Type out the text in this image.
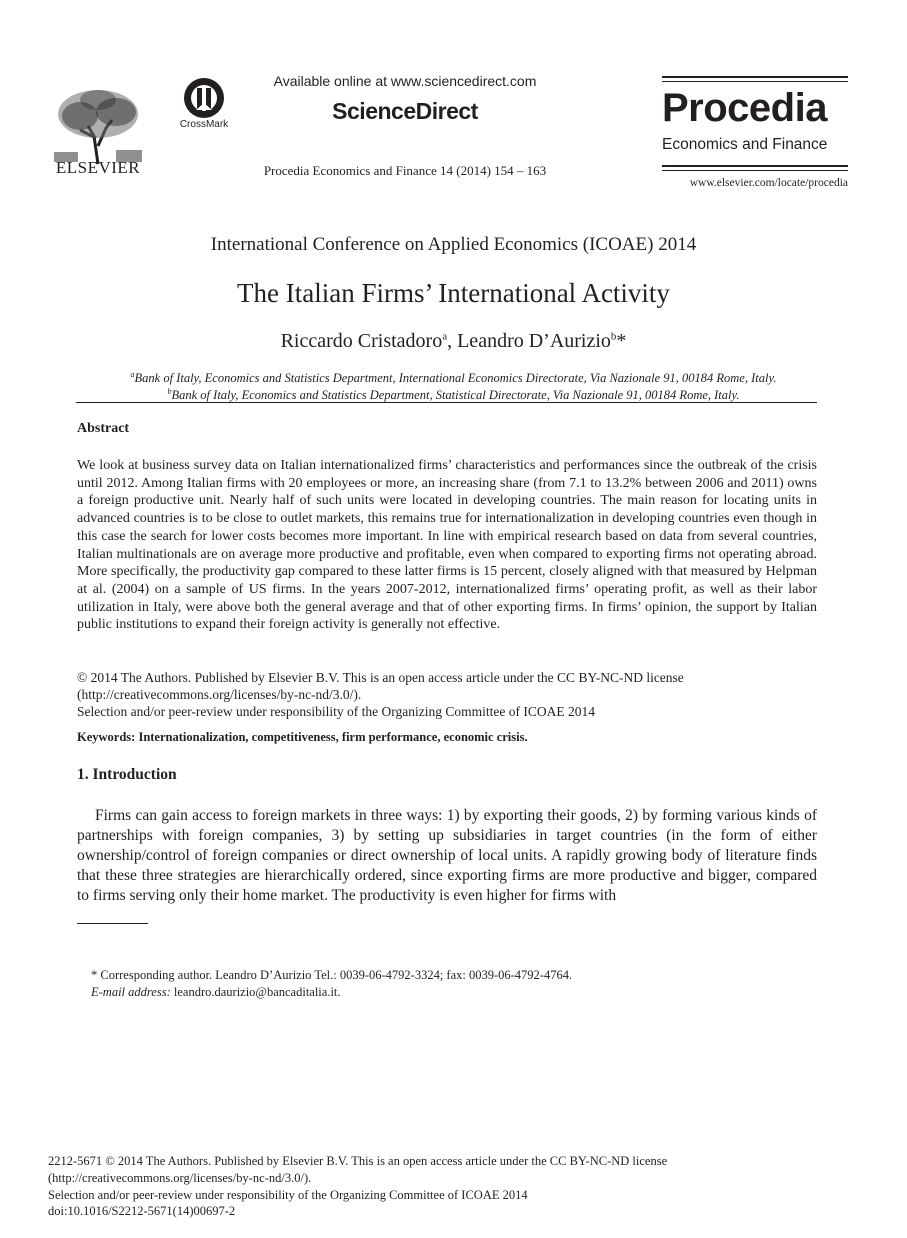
ELSEVIER
CrossMark
Available online at www.sciencedirect.com
ScienceDirect
Procedia Economics and Finance 14 (2014) 154 – 163
Procedia
Economics and Finance
www.elsevier.com/locate/procedia
International Conference on Applied Economics (ICOAE) 2014
The Italian Firms’ International Activity
Riccardo Cristadoro$^a$, Leandro D’Aurizio$^b$*
$^a$Bank of Italy, Economics and Statistics Department, International Economics Directorate, Via Nazionale 91, 00184 Rome, Italy.
$^b$Bank of Italy, Economics and Statistics Department, Statistical Directorate, Via Nazionale 91, 00184 Rome, Italy.
Abstract
We look at business survey data on Italian internationalized firms’ characteristics and performances since the outbreak of the crisis until 2012. Among Italian firms with 20 employees or more, an increasing share (from 7.1 to 13.2% between 2006 and 2011) owns a foreign productive unit. Nearly half of such units were located in developing countries. The main reason for locating units in advanced countries is to be close to outlet markets, this remains true for internationalization in developing countries even though in this case the search for lower costs becomes more important. In line with empirical research based on data from several countries, Italian multinationals are on average more productive and profitable, even when compared to exporting firms not operating abroad. More specifically, the productivity gap compared to these latter firms is 15 percent, closely aligned with that measured by Helpman at al. (2004) on a sample of US firms. In the years 2007-2012, internationalized firms’ operating profit, as well as their labor utilization in Italy, were above both the general average and that of other exporting firms. In firms’ opinion, the support by Italian public institutions to expand their foreign activity is generally not effective.
© 2014 The Authors. Published by Elsevier B.V. This is an open access article under the CC BY-NC-ND license
(http://creativecommons.org/licenses/by-nc-nd/3.0/).
Selection and/or peer-review under responsibility of the Organizing Committee of ICOAE 2014
Keywords: Internationalization, competitiveness, firm performance, economic crisis.
1. Introduction
Firms can gain access to foreign markets in three ways: 1) by exporting their goods, 2) by forming various kinds of partnerships with foreign companies, 3) by setting up subsidiaries in target countries (in the form of either ownership/control of foreign companies or direct ownership of local units. A rapidly growing body of literature finds that these three strategies are hierarchically ordered, since exporting firms are more productive and bigger, compared to firms serving only their home market. The productivity is even higher for firms with
* Corresponding author. Leandro D’Aurizio Tel.: 0039-06-4792-3324; fax: 0039-06-4792-4764.
E-mail address: leandro.daurizio@bancaditalia.it.
2212-5671 © 2014 The Authors. Published by Elsevier B.V. This is an open access article under the CC BY-NC-ND license
(http://creativecommons.org/licenses/by-nc-nd/3.0/).
Selection and/or peer-review under responsibility of the Organizing Committee of ICOAE 2014
doi:10.1016/S2212-5671(14)00697-2
